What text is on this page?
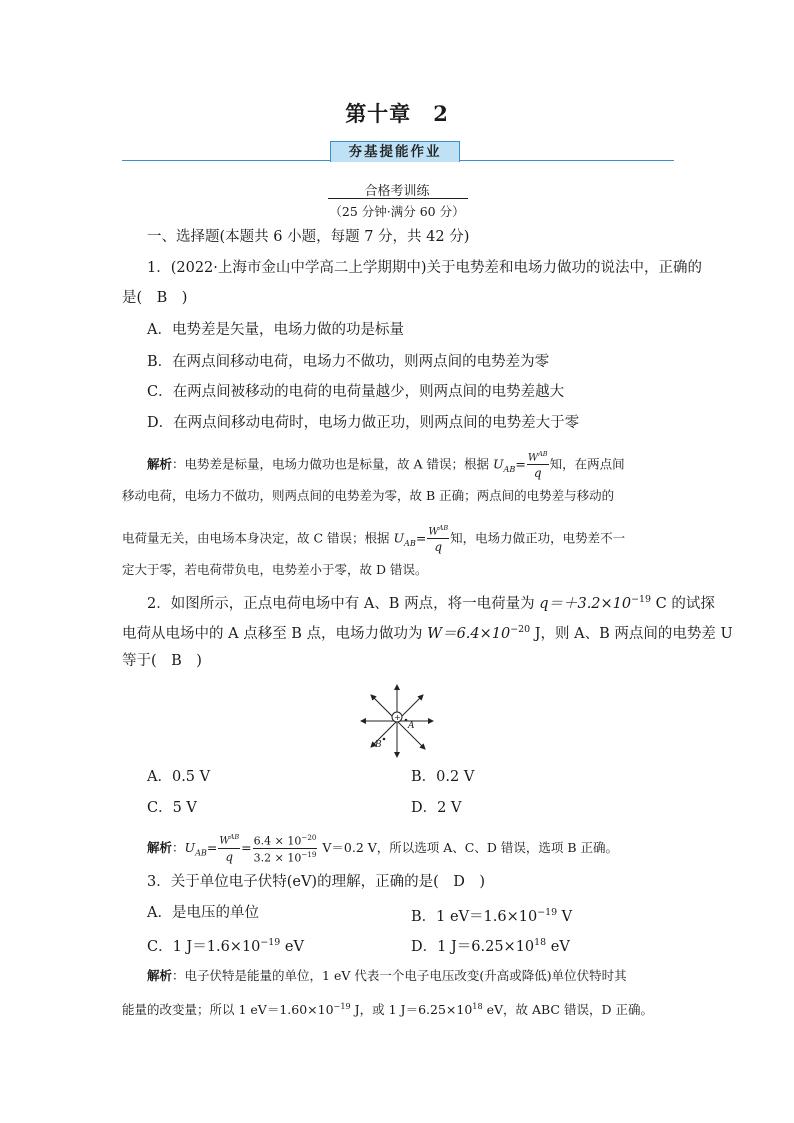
第十章 2
夯基提能作业
合格考训练
（25 分钟·满分 60 分）
一、选择题(本题共 6 小题，每题 7 分，共 42 分)
1．(2022·上海市金山中学高二上学期期中)关于电势差和电场力做功的说法中，正确的
是(　B　)
A．电势差是矢量，电场力做的功是标量
B．在两点间移动电荷，电场力不做功，则两点间的电势差为零
C．在两点间被移动的电荷的电荷量越少，则两点间的电势差越大
D．在两点间移动电荷时，电场力做正功，则两点间的电势差大于零
解析：电势差是标量，电场力做功也是标量，故 A 错误；根据 $U_{AB}= \frac{W^{AB}}{q}$ 知，在两点间
移动电荷，电场力不做功，则两点间的电势差为零，故 B 正确；两点间的电势差与移动的
电荷量无关，由电场本身决定，故 C 错误；根据 $U_{AB}= \frac{W^{AB}}{q}$ 知，电场力做正功，电势差不一
定大于零，若电荷带负电，电势差小于零，故 D 错误。
2．如图所示，正点电荷电场中有 A、B 两点，将一电荷量为 $q=+3.2\times 10^{-19}$ C 的试探
电荷从电场中的 A 点移至 B 点，电场力做功为 $W=6.4\times 10^{-20}$ J，则 A、B 两点间的电势差 U
等于(　B　)
+
A
B
A．0.5 V	B．0.2 V
C．5 V	D．2 V
解析：$U_{AB}= \frac{W^{AB}}{q} = \frac{6.4 \times 10^{-20}}{3.2 \times 10^{-19}} V=0.2$ V，所以选项 A、C、D 错误，选项 B 正确。
3．关于单位电子伏特(eV)的理解，正确的是(　D　)
A．是电压的单位	B．1 $eV=1.6\times 10^{-19}$ V
C．1 $J=1.6\times 10^{-19}$ eV	D．1 $J=6.25\times 10^{18}$ eV
解析：电子伏特是能量的单位，1 eV 代表一个电子电压改变(升高或降低)单位伏特时其
能量的改变量；所以 1 $eV=1.60\times 10^{-19}$ J，或 1 $J=6.25\times 10^{18}$ eV，故 ABC 错误，D 正确。
